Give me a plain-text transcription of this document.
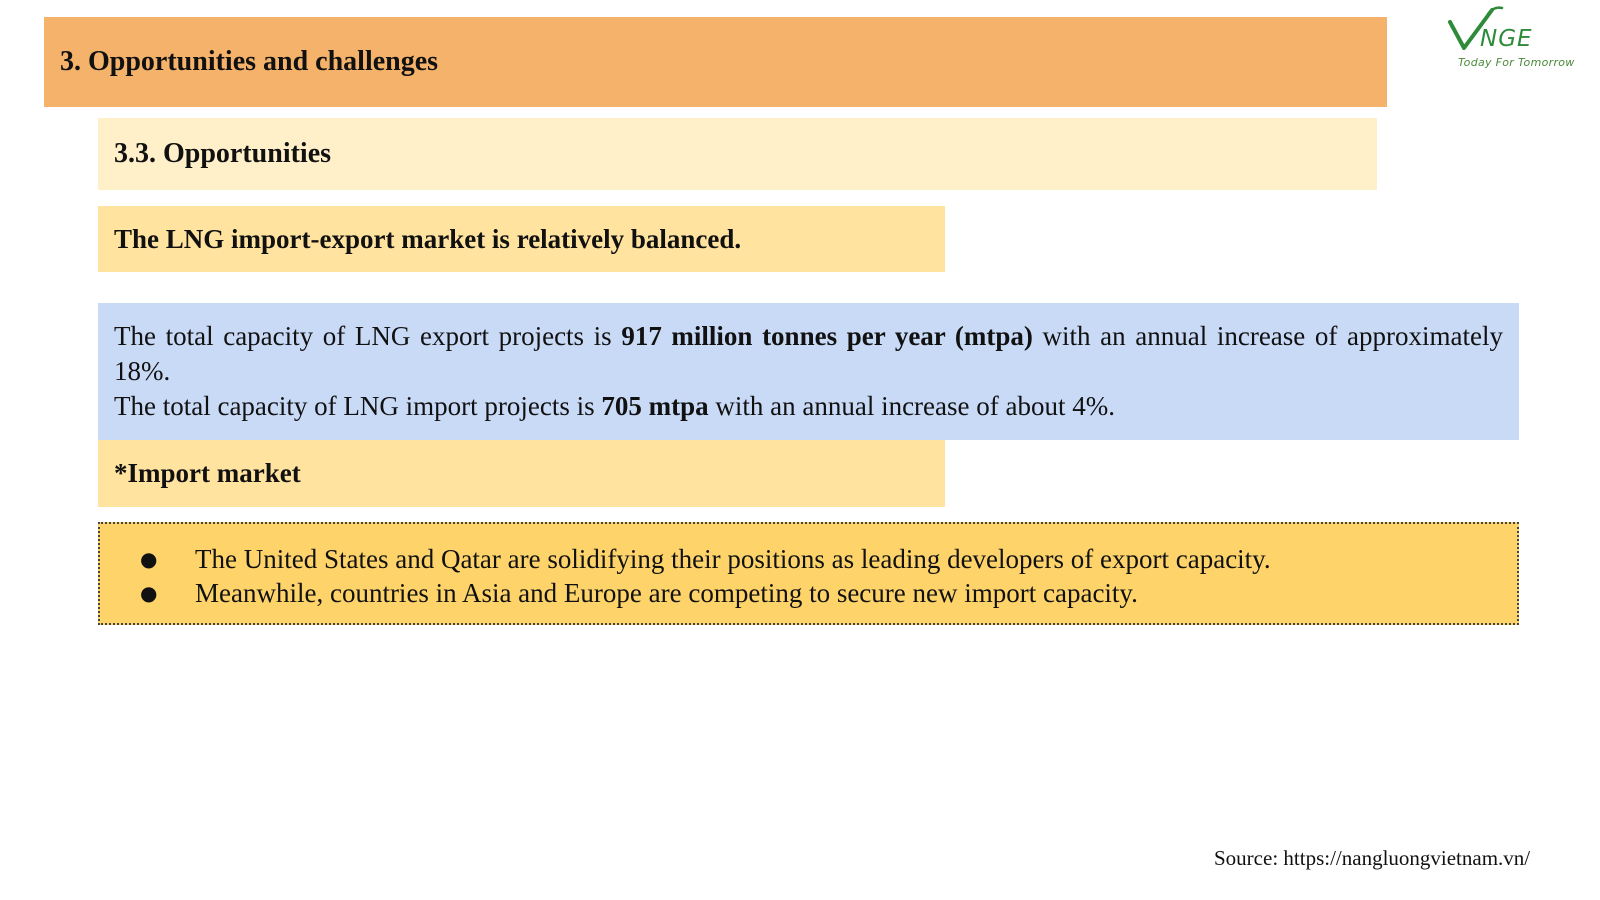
3. Opportunities and challenges
NGE
Today For Tomorrow
3.3. Opportunities
The LNG import-export market is relatively balanced.

The total capacity of LNG export projects is 917 million tonnes per year (mtpa) with an annual increase of approximately 18%.

The total capacity of LNG import projects is 705 mtpa with an annual increase of about 4%.

*Import market
● The United States and Qatar are solidifying their positions as leading developers of export capacity.
● Meanwhile, countries in Asia and Europe are competing to secure new import capacity.
Source: https://nangluongvietnam.vn/
